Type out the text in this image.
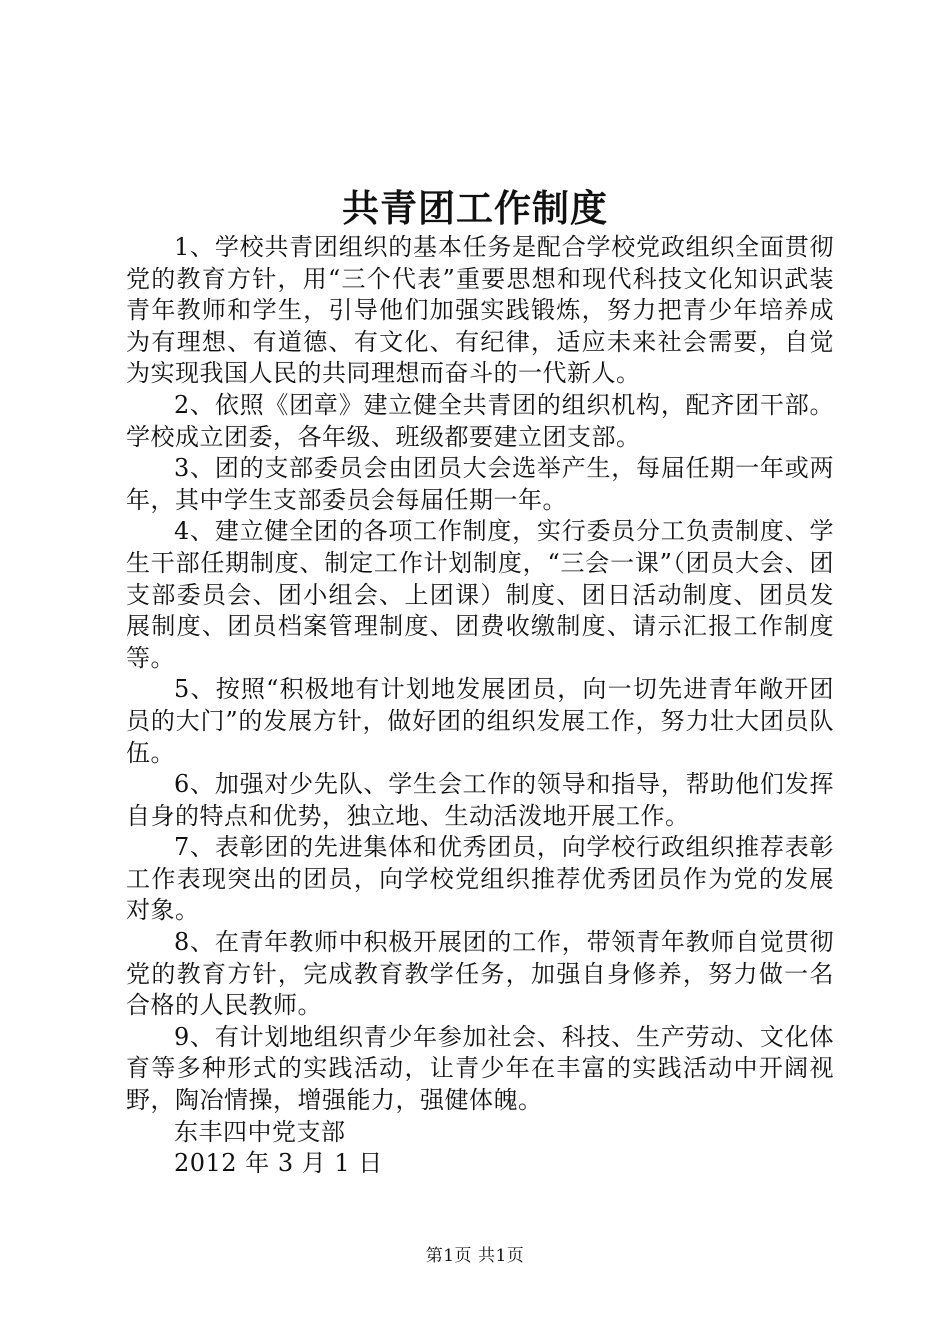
共青团工作制度

1、学校共青团组织的基本任务是配合学校党政组织全面贯彻党的教育方针，用“三个代表”重要思想和现代科技文化知识武装青年教师和学生，引导他们加强实践锻炼，努力把青少年培养成为有理想、有道德、有文化、有纪律，适应未来社会需要，自觉为实现我国人民的共同理想而奋斗的一代新人。

2、依照《团章》建立健全共青团的组织机构，配齐团干部。学校成立团委，各年级、班级都要建立团支部。

3、团的支部委员会由团员大会选举产生，每届任期一年或两年，其中学生支部委员会每届任期一年。

4、建立健全团的各项工作制度，实行委员分工负责制度、学生干部任期制度、制定工作计划制度，“三会一课”（团员大会、团支部委员会、团小组会、上团课）制度、团日活动制度、团员发展制度、团员档案管理制度、团费收缴制度、请示汇报工作制度等。

5、按照“积极地有计划地发展团员，向一切先进青年敞开团员的大门”的发展方针，做好团的组织发展工作，努力壮大团员队伍。

6、加强对少先队、学生会工作的领导和指导，帮助他们发挥自身的特点和优势，独立地、生动活泼地开展工作。

7、表彰团的先进集体和优秀团员，向学校行政组织推荐表彰工作表现突出的团员，向学校党组织推荐优秀团员作为党的发展对象。

8、在青年教师中积极开展团的工作，带领青年教师自觉贯彻党的教育方针，完成教育教学任务，加强自身修养，努力做一名合格的人民教师。

9、有计划地组织青少年参加社会、科技、生产劳动、文化体育等多种形式的实践活动，让青少年在丰富的实践活动中开阔视野，陶冶情操，增强能力，强健体魄。

东丰四中党支部

2012 年 3 月 1 日

第1页 共1页
